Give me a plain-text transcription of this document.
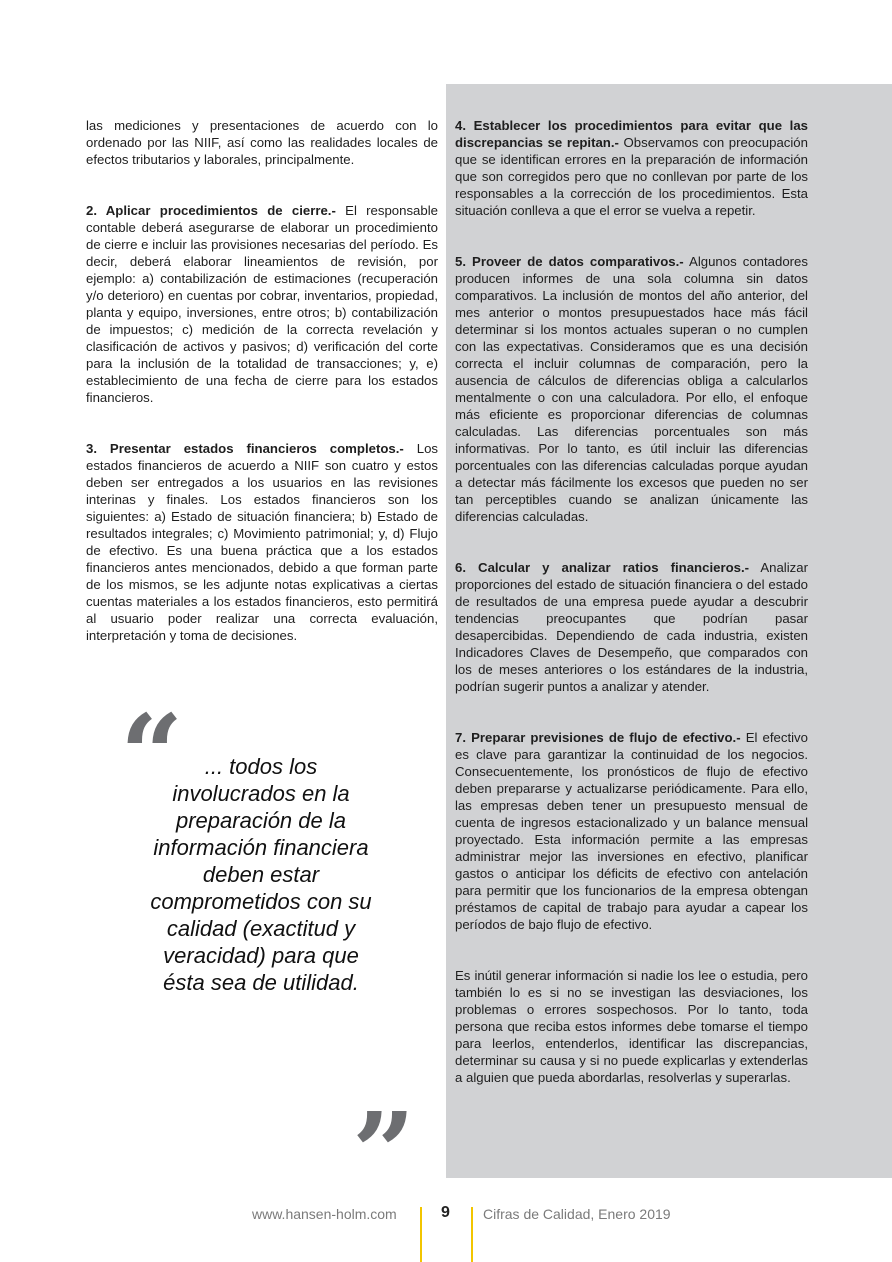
las mediciones y presentaciones de acuerdo con lo ordenado por las NIIF, así como las realidades locales de efectos tributarios y laborales, principalmente.

2. Aplicar procedimientos de cierre.- El responsable contable deberá asegurarse de elaborar un procedimiento de cierre e incluir las provisiones necesarias del período. Es decir, deberá elaborar lineamientos de revisión, por ejemplo: a) contabilización de estimaciones (recuperación y/o deterioro) en cuentas por cobrar, inventarios, propiedad, planta y equipo, inversiones, entre otros; b) contabilización de impuestos; c) medición de la correcta revelación y clasificación de activos y pasivos; d) verificación del corte para la inclusión de la totalidad de transacciones; y, e) establecimiento de una fecha de cierre para los estados financieros.

3. Presentar estados financieros completos.- Los estados financieros de acuerdo a NIIF son cuatro y estos deben ser entregados a los usuarios en las revisiones interinas y finales. Los estados financieros son los siguientes: a) Estado de situación financiera; b) Estado de resultados integrales; c) Movimiento patrimonial; y, d) Flujo de efectivo. Es una buena práctica que a los estados financieros antes mencionados, debido a que forman parte de los mismos, se les adjunte notas explicativas a ciertas cuentas materiales a los estados financieros, esto permitirá al usuario poder realizar una correcta evaluación, interpretación y toma de decisiones.

“ ... todos los involucrados en la preparación de la información financiera deben estar comprometidos con su calidad (exactitud y veracidad) para que ésta sea de utilidad.
”

4. Establecer los procedimientos para evitar que las discrepancias se repitan.- Observamos con preocupación que se identifican errores en la preparación de información que son corregidos pero que no conllevan por parte de los responsables a la corrección de los procedimientos. Esta situación conlleva a que el error se vuelva a repetir.

5. Proveer de datos comparativos.- Algunos contadores producen informes de una sola columna sin datos comparativos. La inclusión de montos del año anterior, del mes anterior o montos presupuestados hace más fácil determinar si los montos actuales superan o no cumplen con las expectativas. Consideramos que es una decisión correcta el incluir columnas de comparación, pero la ausencia de cálculos de diferencias obliga a calcularlos mentalmente o con una calculadora. Por ello, el enfoque más eficiente es proporcionar diferencias de columnas calculadas. Las diferencias porcentuales son más informativas. Por lo tanto, es útil incluir las diferencias porcentuales con las diferencias calculadas porque ayudan a detectar más fácilmente los excesos que pueden no ser tan perceptibles cuando se analizan únicamente las diferencias calculadas.

6. Calcular y analizar ratios financieros.- Analizar proporciones del estado de situación financiera o del estado de resultados de una empresa puede ayudar a descubrir tendencias preocupantes que podrían pasar desapercibidas. Dependiendo de cada industria, existen Indicadores Claves de Desempeño, que comparados con los de meses anteriores o los estándares de la industria, podrían sugerir puntos a analizar y atender.

7. Preparar previsiones de flujo de efectivo.- El efectivo es clave para garantizar la continuidad de los negocios. Consecuentemente, los pronósticos de flujo de efectivo deben prepararse y actualizarse periódicamente. Para ello, las empresas deben tener un presupuesto mensual de cuenta de ingresos estacionalizado y un balance mensual proyectado. Esta información permite a las empresas administrar mejor las inversiones en efectivo, planificar gastos o anticipar los déficits de efectivo con antelación para permitir que los funcionarios de la empresa obtengan préstamos de capital de trabajo para ayudar a capear los períodos de bajo flujo de efectivo.

Es inútil generar información si nadie los lee o estudia, pero también lo es si no se investigan las desviaciones, los problemas o errores sospechosos. Por lo tanto, toda persona que reciba estos informes debe tomarse el tiempo para leerlos, entenderlos, identificar las discrepancias, determinar su causa y si no puede explicarlas y extenderlas a alguien que pueda abordarlas, resolverlas y superarlas.

www.hansen-holm.com	9 Cifras de Calidad, Enero 2019
